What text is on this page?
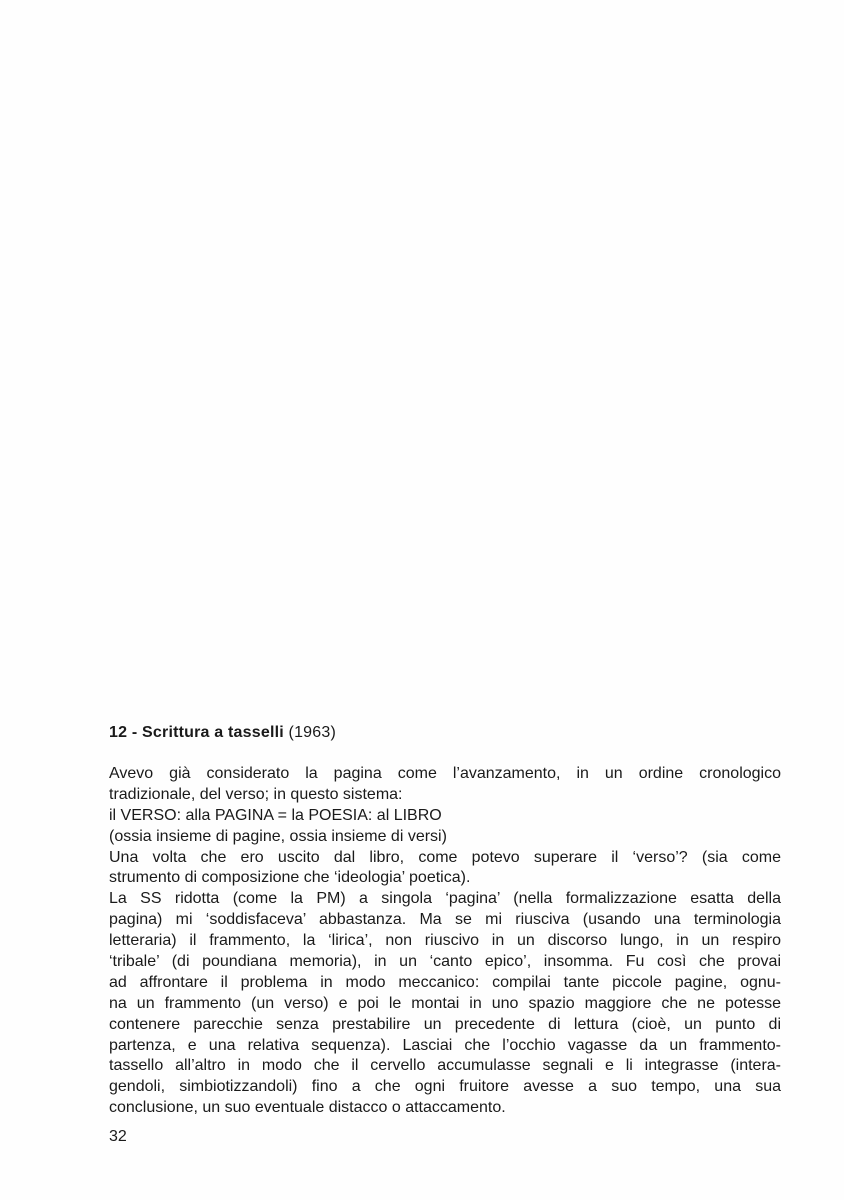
12 - Scrittura a tasselli (1963)
Avevo già considerato la pagina come l’avanzamento, in un ordine cronologico
tradizionale, del verso; in questo sistema:
il VERSO: alla PAGINA = la POESIA: al LIBRO
(ossia insieme di pagine, ossia insieme di versi)
Una volta che ero uscito dal libro, come potevo superare il ‘verso’? (sia come
strumento di composizione che ‘ideologia’ poetica).
La SS ridotta (come la PM) a singola ‘pagina’ (nella formalizzazione esatta della
pagina) mi ‘soddisfaceva’ abbastanza. Ma se mi riusciva (usando una terminologia
letteraria) il frammento, la ‘lirica’, non riuscivo in un discorso lungo, in un respiro
‘tribale’ (di poundiana memoria), in un ‘canto epico’, insomma. Fu così che provai
ad affrontare il problema in modo meccanico: compilai tante piccole pagine, ognu-
na un frammento (un verso) e poi le montai in uno spazio maggiore che ne potesse
contenere parecchie senza prestabilire un precedente di lettura (cioè, un punto di
partenza, e una relativa sequenza). Lasciai che l’occhio vagasse da un frammento-
tassello all’altro in modo che il cervello accumulasse segnali e li integrasse (intera-
gendoli, simbiotizzandoli) fino a che ogni fruitore avesse a suo tempo, una sua
conclusione, un suo eventuale distacco o attaccamento.
32
